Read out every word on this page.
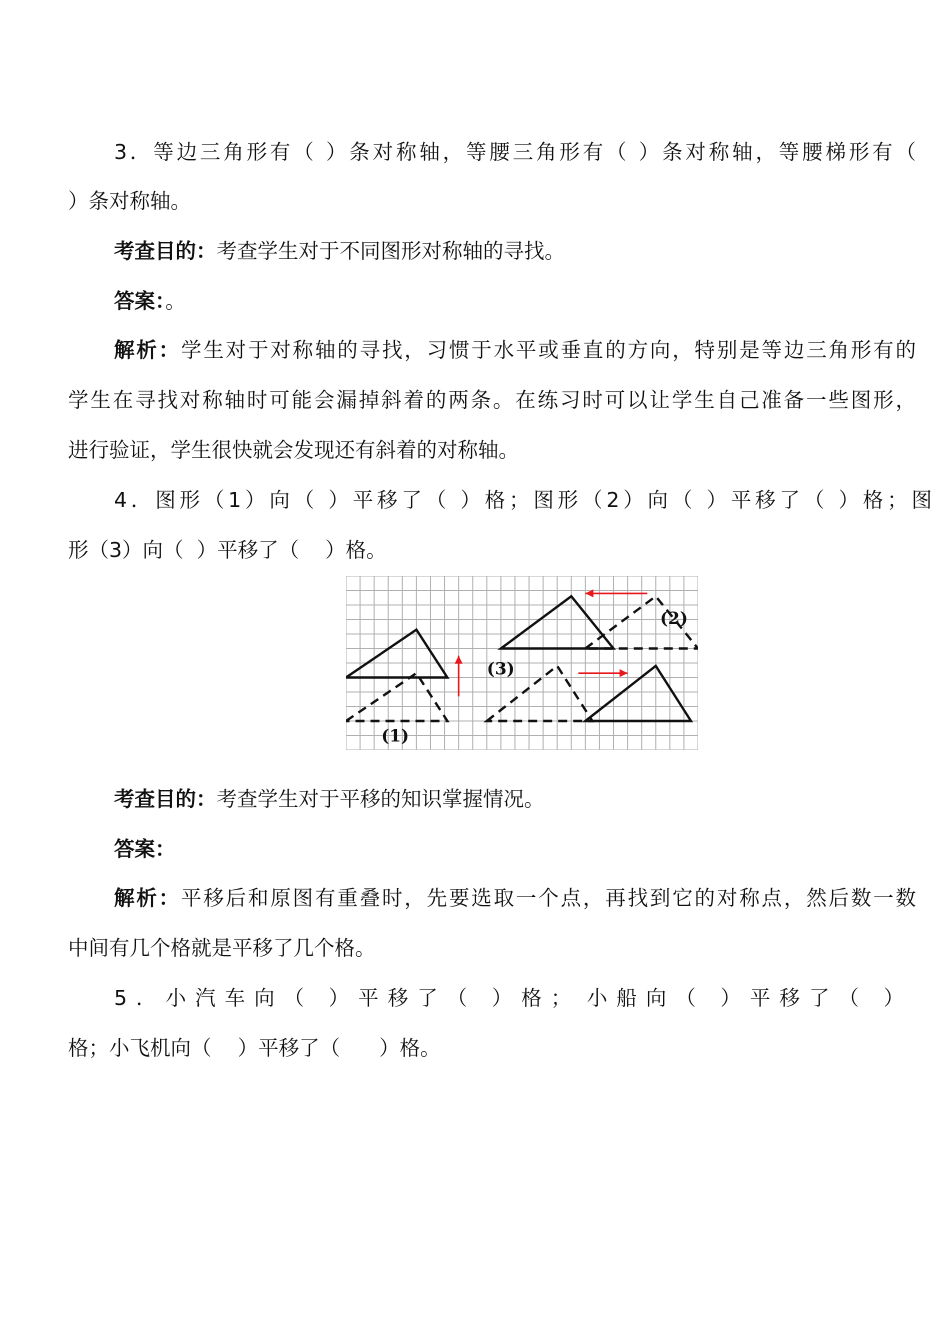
3．等边三角形有（ ）条对称轴，等腰三角形有（ ）条对称轴，等腰梯形有（
）条对称轴。
考查目的：考查学生对于不同图形对称轴的寻找。
答案：。
解析：学生对于对称轴的寻找，习惯于水平或垂直的方向，特别是等边三角形有的
学生在寻找对称轴时可能会漏掉斜着的两条。在练习时可以让学生自己准备一些图形，
进行验证，学生很快就会发现还有斜着的对称轴。
4．图形（1）向（ ）平移了（ ）格；图形（2）向（ ）平移了（ ）格；图
形（3）向（  ）平移了（    ）格。
(1)
(2)
(3)
考查目的：考查学生对于平移的知识掌握情况。
答案：
解析：平移后和原图有重叠时，先要选取一个点，再找到它的对称点，然后数一数
中间有几个格就是平移了几个格。
5．小汽车向（ ）平移了（ ）格； 小船向（ ）平移了（ ）
格；小飞机向（    ）平移了（      ）格。
